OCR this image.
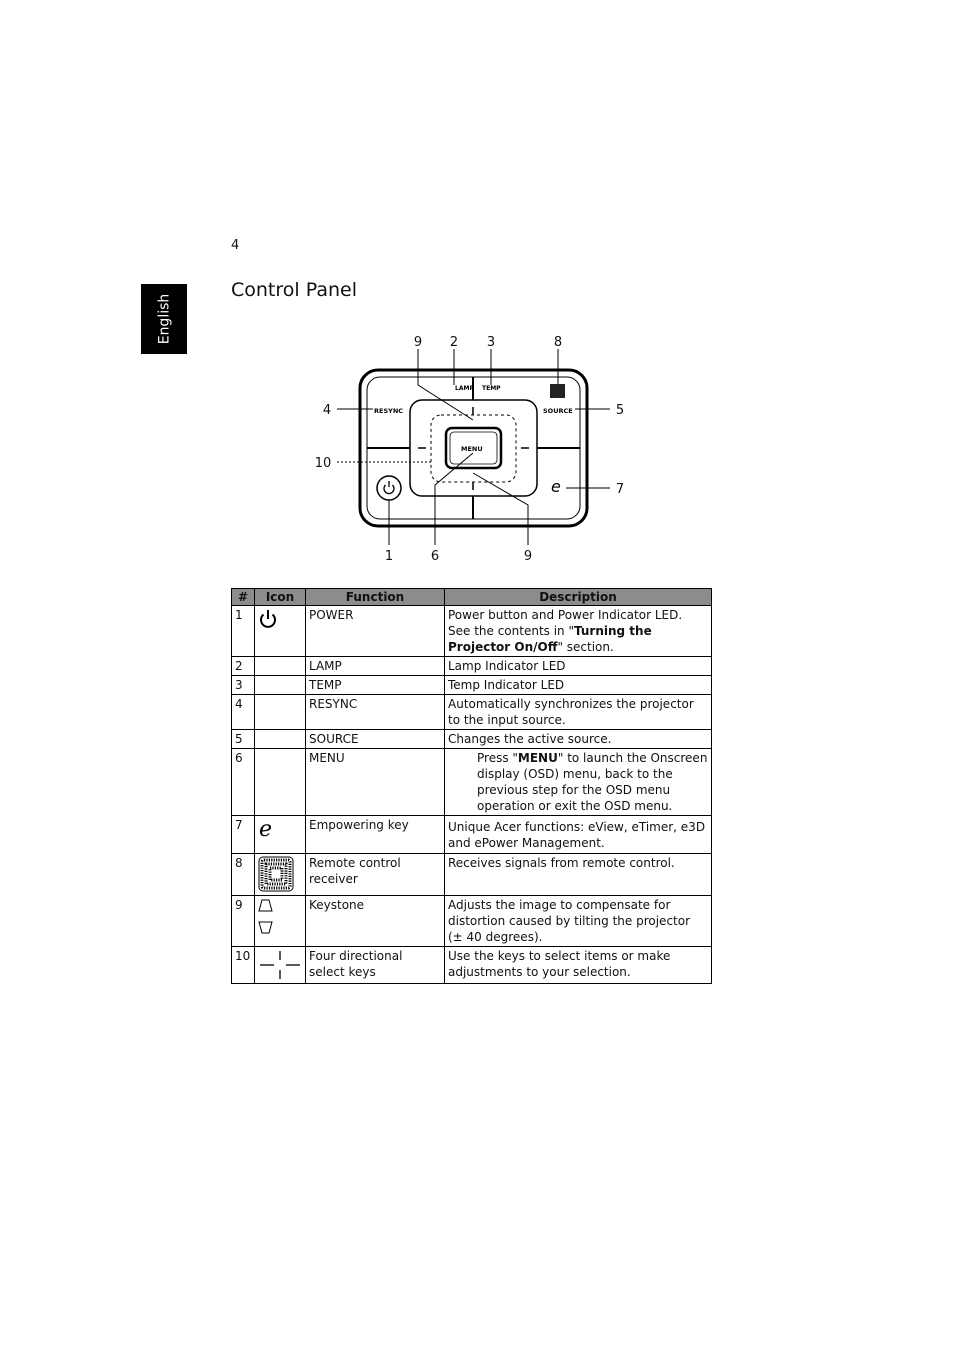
4
English
Control Panel
e
LAMP TEMP
RESYNC	SOURCE
MENU
9 2 3	8
4	5
10
7
1	6	9
#	Icon	Function	Description
1		POWER	Power button and Power Indicator LED. See the contents in "Turning the Projector On/Off" section.
2		LAMP	Lamp Indicator LED
3		TEMP	Temp Indicator LED
4		RESYNC	Automatically synchronizes the projector to the input source.
5		SOURCE	Changes the active source.
6		MENU	Press "MENU" to launch the Onscreen display (OSD) menu, back to the previous step for the OSD menu operation or exit the OSD menu.

7	e	Empowering key	Unique Acer functions: eView, eTimer, e3D and ePower Management.
8		Remote control receiver	Receives signals from remote control.
9		Keystone	Adjusts the image to compensate for distortion caused by tilting the projector (± 40 degrees).
10		Four directional select keys	Use the keys to select items or make adjustments to your selection.
